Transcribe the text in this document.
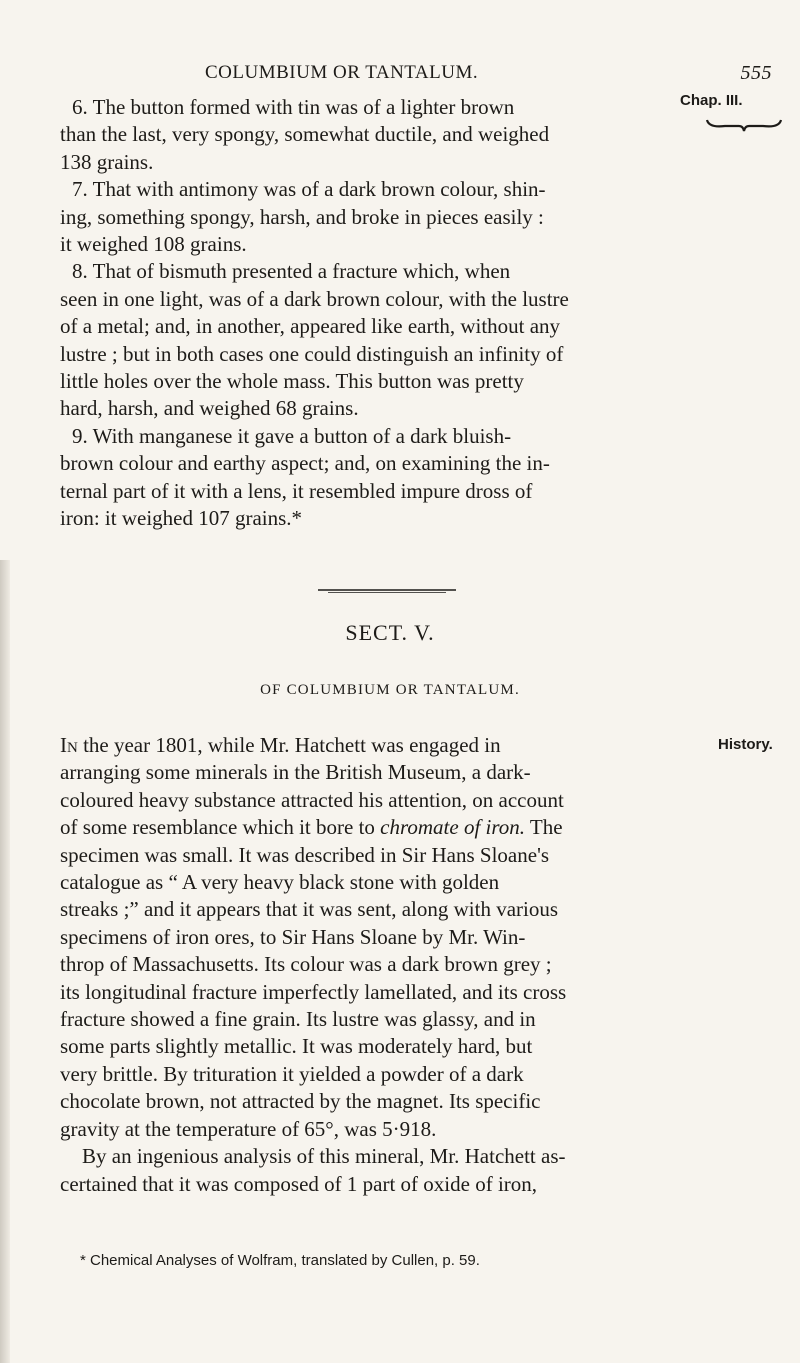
COLUMBIUM OR TANTALUM.	555
Chap. III.

6. The button formed with tin was of a lighter brown
than the last, very spongy, somewhat ductile, and weighed
138 grains.

7. That with antimony was of a dark brown colour, shin-
ing, something spongy, harsh, and broke in pieces easily :
it weighed 108 grains.

8. That of bismuth presented a fracture which, when
seen in one light, was of a dark brown colour, with the lustre
of a metal; and, in another, appeared like earth, without any
lustre ; but in both cases one could distinguish an infinity of
little holes over the whole mass. This button was pretty
hard, harsh, and weighed 68 grains.

9. With manganese it gave a button of a dark bluish-
brown colour and earthy aspect; and, on examining the in-
ternal part of it with a lens, it resembled impure dross of
iron: it weighed 107 grains.*

SECT. V.
OF COLUMBIUM OR TANTALUM.
History.

In the year 1801, while Mr. Hatchett was engaged in
arranging some minerals in the British Museum, a dark-
coloured heavy substance attracted his attention, on account
of some resemblance which it bore to chromate of iron. The
specimen was small. It was described in Sir Hans Sloane's
catalogue as “ A very heavy black stone with golden
streaks ;” and it appears that it was sent, along with various
specimens of iron ores, to Sir Hans Sloane by Mr. Win-
throp of Massachusetts. Its colour was a dark brown grey ;
its longitudinal fracture imperfectly lamellated, and its cross
fracture showed a fine grain. Its lustre was glassy, and in
some parts slightly metallic. It was moderately hard, but
very brittle. By trituration it yielded a powder of a dark
chocolate brown, not attracted by the magnet. Its specific
gravity at the temperature of 65°, was 5·918.

By an ingenious analysis of this mineral, Mr. Hatchett as-
certained that it was composed of 1 part of oxide of iron,

* Chemical Analyses of Wolfram, translated by Cullen, p. 59.
